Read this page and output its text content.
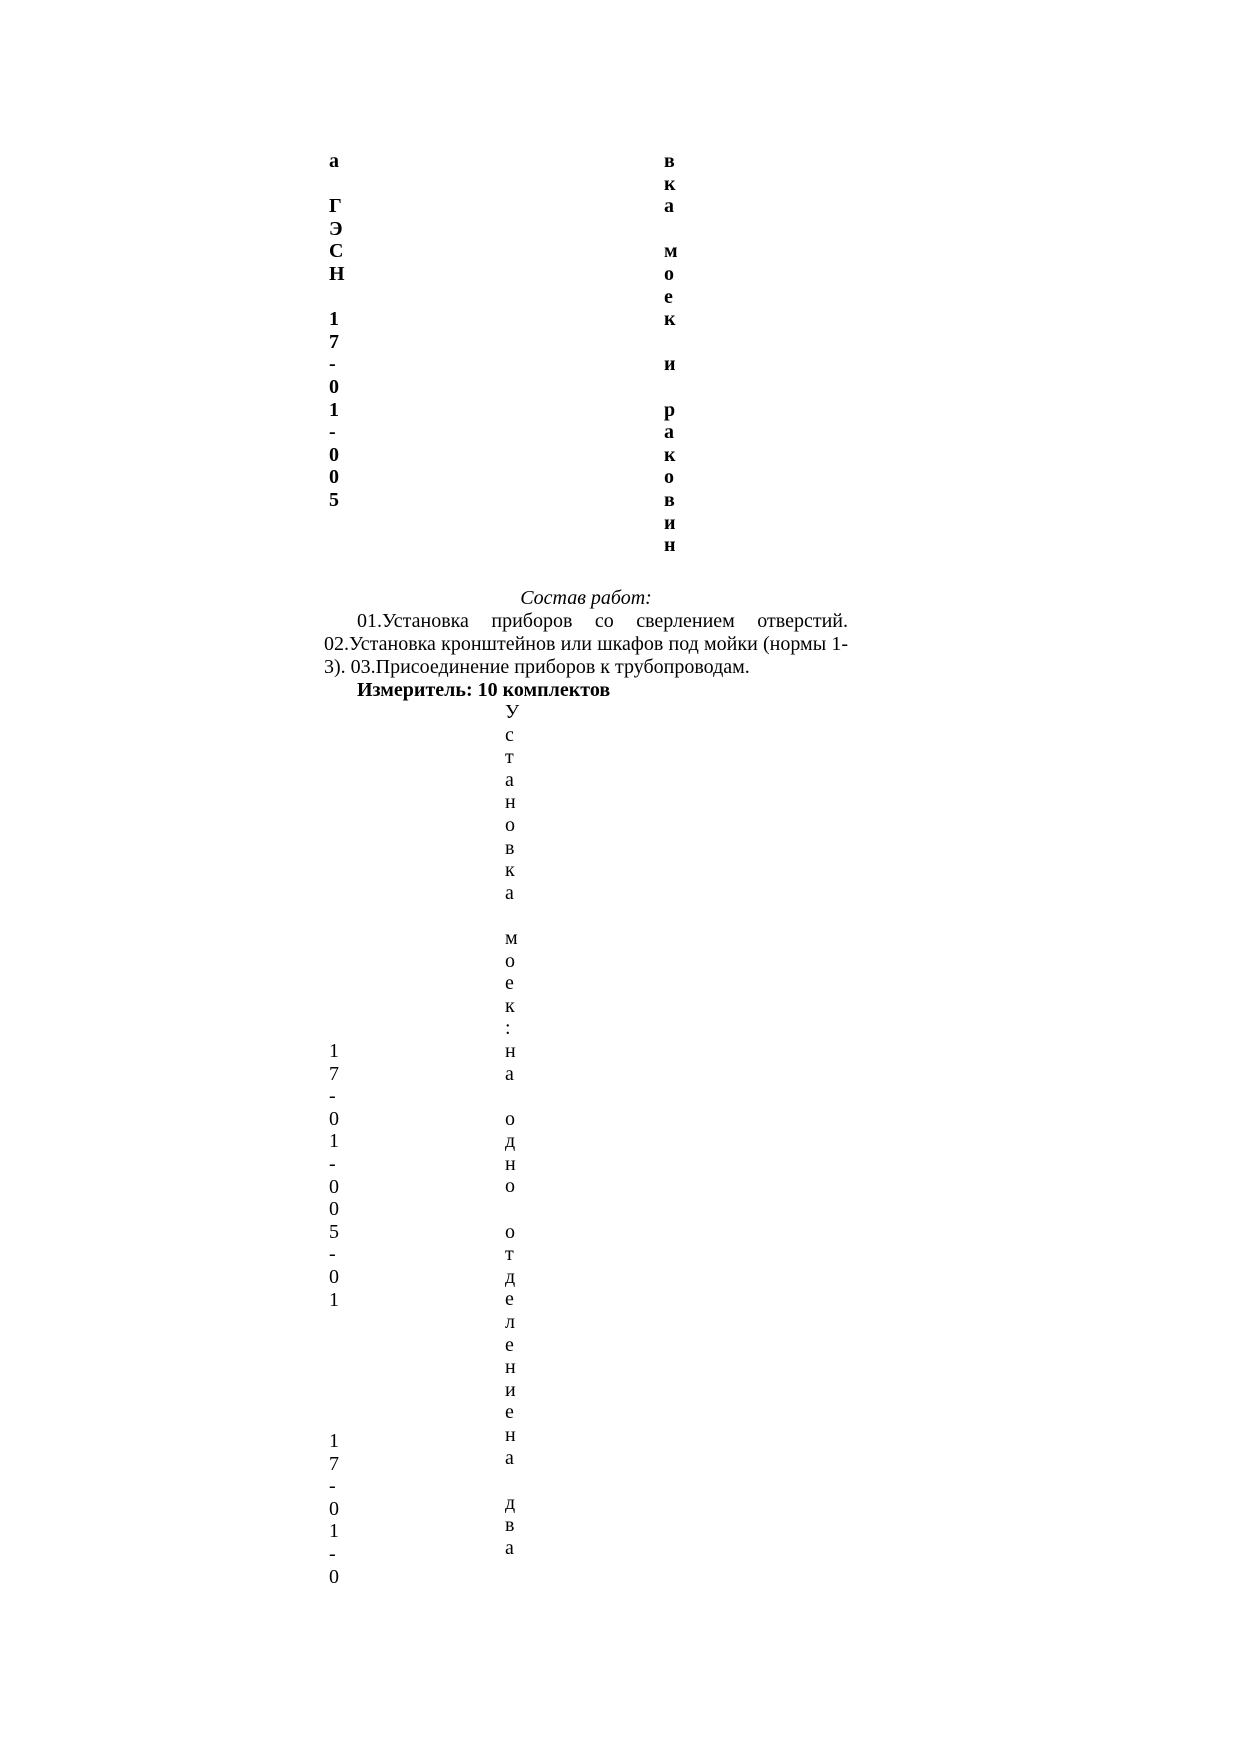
а

Г
Э
С
Н

1
7
-
0
1
-
0
0
5
в
к
а

м
о
е
к

и

р
а
к
о
в
и
н
Состав работ:
01.Установка приборов со сверлением отверстий. 02.Установка кронштейнов или шкафов под мойки (нормы 1-3). 03.Присоединение приборов к трубопроводам.
Измеритель: 10 комплектов
У
с
т
а
н
о
в
к
а

м
о
е
к
:
н
а

о
д
н
о

о
т
д
е
л
е
н
и
е
н
а

д
в
а
1
7
-
0
1
-
0
0
5
-
0
1
1
7
-
0
1
-
0
